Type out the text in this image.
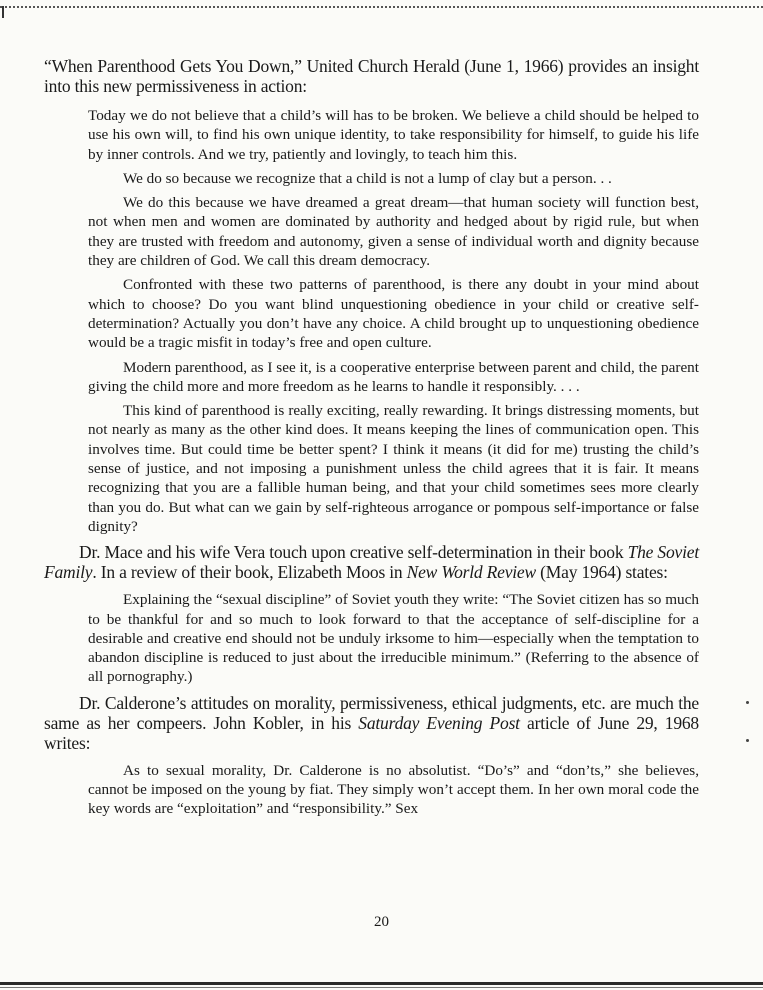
“When Parenthood Gets You Down,” United Church Herald (June 1, 1966) provides an insight into this new permissiveness in action:

Today we do not believe that a child’s will has to be broken. We believe a child should be helped to use his own will, to find his own unique identity, to take responsibility for himself, to guide his life by inner controls. And we try, patiently and lovingly, to teach him this.

We do so because we recognize that a child is not a lump of clay but a person. . .

We do this because we have dreamed a great dream—that human society will function best, not when men and women are dominated by authority and hedged about by rigid rule, but when they are trusted with freedom and autonomy, given a sense of individual worth and dignity because they are children of God. We call this dream democracy.

Confronted with these two patterns of parenthood, is there any doubt in your mind about which to choose? Do you want blind unquestioning obedience in your child or creative self-determination? Actually you don’t have any choice. A child brought up to unquestioning obedience would be a tragic misfit in today’s free and open culture.

Modern parenthood, as I see it, is a cooperative enterprise between parent and child, the parent giving the child more and more freedom as he learns to handle it responsibly. . . .

This kind of parenthood is really exciting, really rewarding. It brings distressing moments, but not nearly as many as the other kind does. It means keeping the lines of communication open. This involves time. But could time be better spent? I think it means (it did for me) trusting the child’s sense of justice, and not imposing a punishment unless the child agrees that it is fair. It means recognizing that you are a fallible human being, and that your child sometimes sees more clearly than you do. But what can we gain by self-righteous arrogance or pompous self-importance or false dignity?

Dr. Mace and his wife Vera touch upon creative self-determination in their book The Soviet Family. In a review of their book, Elizabeth Moos in New World Review (May 1964) states:

Explaining the “sexual discipline” of Soviet youth they write: “The Soviet citizen has so much to be thankful for and so much to look forward to that the acceptance of self-discipline for a desirable and creative end should not be unduly irksome to him—especially when the temptation to abandon discipline is reduced to just about the irreducible minimum.” (Referring to the absence of all pornography.)

Dr. Calderone’s attitudes on morality, permissiveness, ethical judgments, etc. are much the same as her compeers. John Kobler, in his Saturday Evening Post article of June 29, 1968 writes:

As to sexual morality, Dr. Calderone is no absolutist. “Do’s” and “don’ts,” she believes, cannot be imposed on the young by fiat. They simply won’t accept them. In her own moral code the key words are “exploitation” and “responsibility.” Sex

20
